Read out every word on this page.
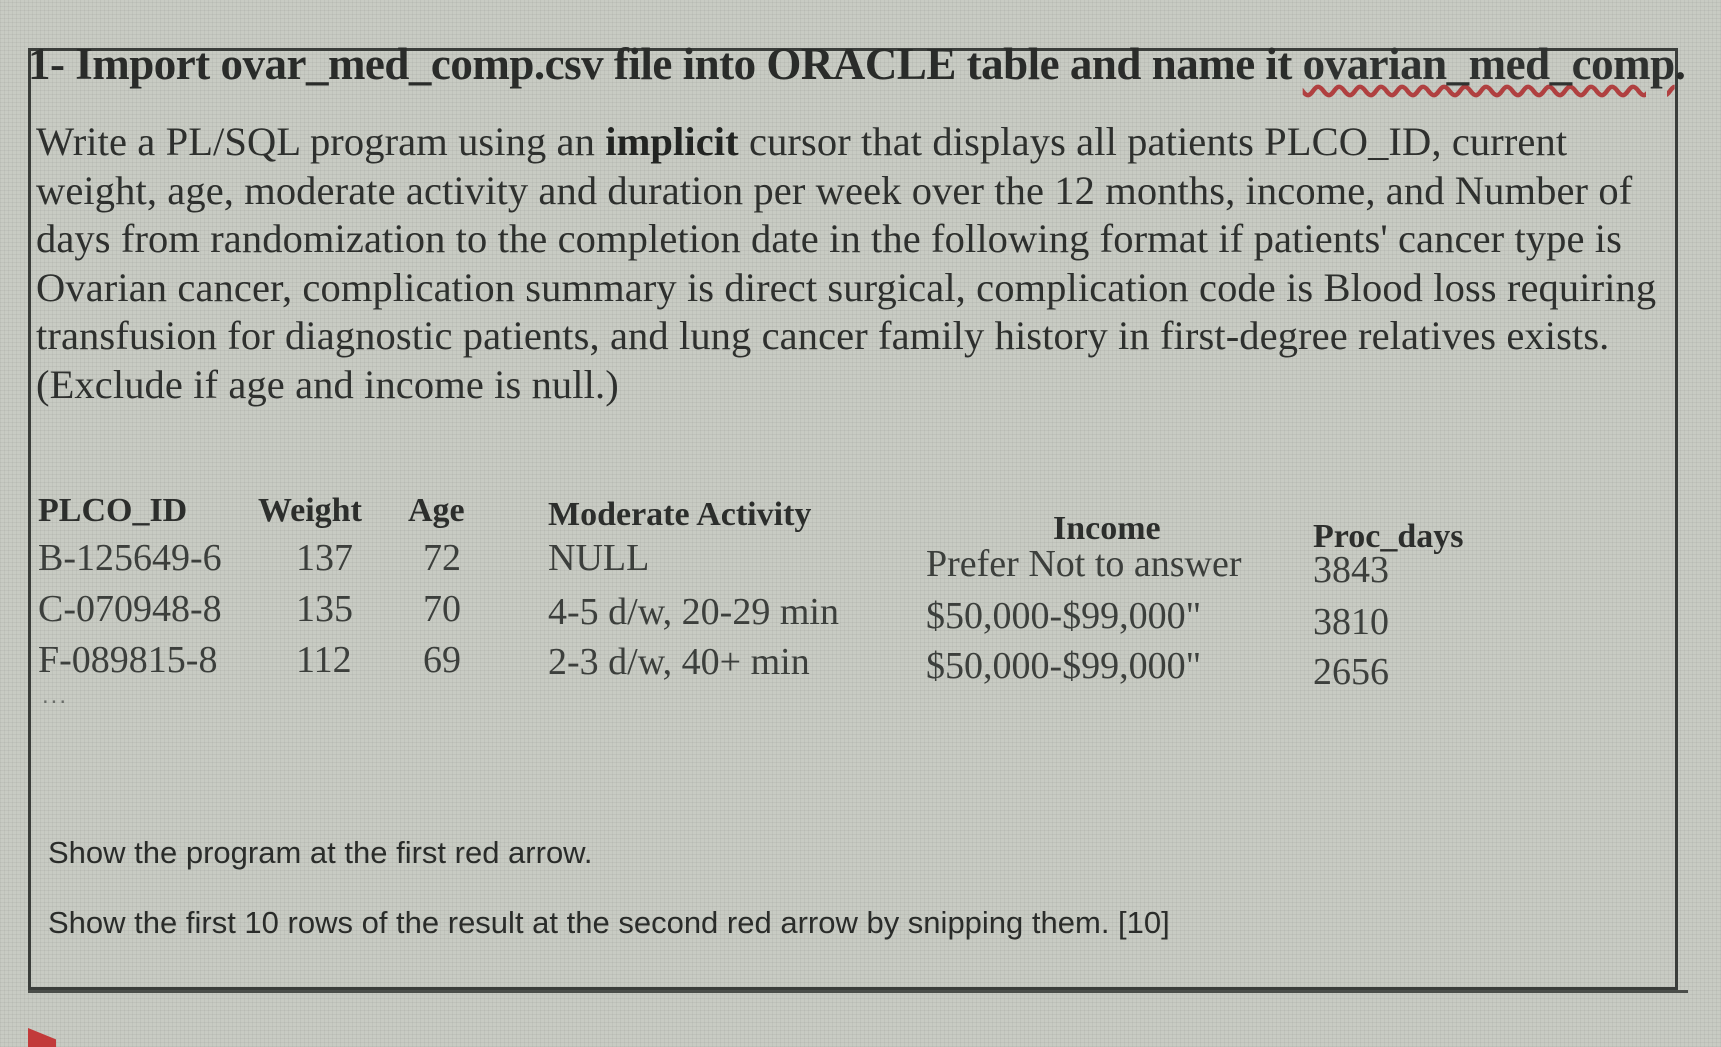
1- Import ovar_med_comp.csv file into ORACLE table and name it ovarian_med_comp.
Write a PL/SQL program using an implicit cursor that displays all patients PLCO_ID, current weight, age, moderate activity and duration per week over the 12 months, income, and Number of days from randomization to the completion date in the following format if patients' cancer type is Ovarian cancer, complication summary is direct surgical, complication code is Blood loss requiring transfusion for diagnostic patients, and lung cancer family history in first-degree relatives exists. (Exclude if age and income is null.)
PLCO_ID Weight Age Moderate Activity	Income	Proc_days
B-125649-6 137 72 NULL	Prefer Not to answer 3843
C-070948-8 135 70 4-5 d/w, 20-29 min $50,000-$99,000"	3810
F-089815-8 112 69 2-3 d/w, 40+ min	$50,000-$99,000"	2656
...
Show the program at the first red arrow.
Show the first 10 rows of the result at the second red arrow by snipping them. [10]
